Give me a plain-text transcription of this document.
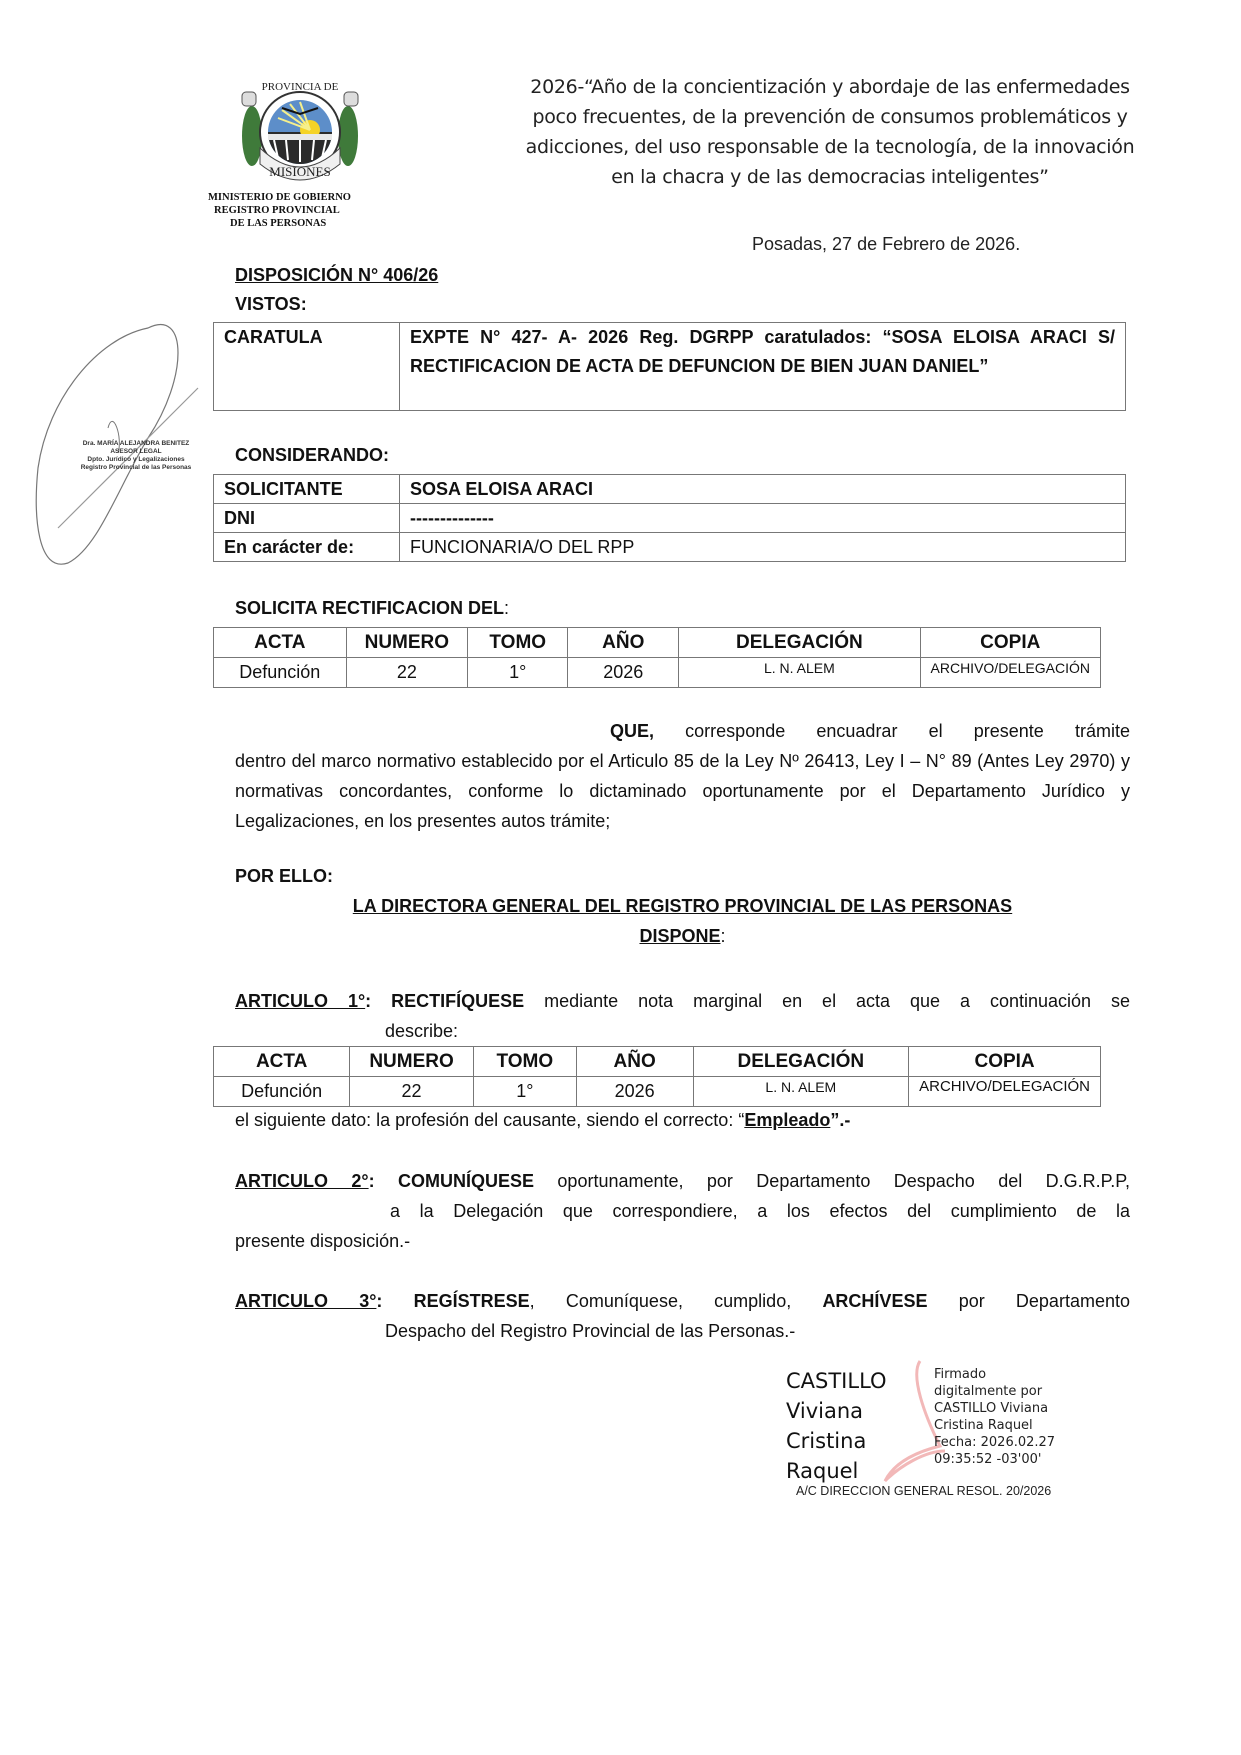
MISIONES
PROVINCIA DE
MINISTERIO DE GOBIERNO
REGISTRO PROVINCIAL
DE LAS PERSONAS
2026-“Año de la concientización y abordaje de las enfermedades
poco frecuentes, de la prevención de consumos problemáticos y
adicciones, del uso responsable de la tecnología, de la innovación
en la chacra y de las democracias inteligentes”
Posadas, 27 de Febrero de 2026.
Dra. MARÍA ALEJANDRA BENITEZ
ASESOR LEGAL
Dpto. Jurídico y Legalizaciones
Registro Provincial de las Personas
DISPOSICIÓN N° 406/26
VISTOS:
CARATULA	EXPTE N° 427- A- 2026 Reg. DGRPP caratulados: “SOSA ELOISA ARACI S/ RECTIFICACION DE ACTA DE DEFUNCION DE BIEN JUAN DANIEL”
CONSIDERANDO:
SOLICITANTE	SOSA ELOISA ARACI
DNI	--------------
En carácter de:	FUNCIONARIA/O DEL RPP
SOLICITA RECTIFICACION DEL:
ACTA	NUMERO	TOMO	AÑO	DELEGACIÓN	COPIA
Defunción	22	1°	2026	L. N. ALEM	ARCHIVO/DELEGACIÓN
QUE, corresponde encuadrar el presente trámite
dentro del marco normativo establecido por el Articulo 85 de la Ley Nº 26413, Ley I – N° 89 (Antes Ley 2970) y normativas concordantes, conforme lo dictaminado oportunamente por el Departamento Jurídico y Legalizaciones, en los presentes autos trámite;
POR ELLO:
LA DIRECTORA GENERAL DEL REGISTRO PROVINCIAL DE LAS PERSONAS
DISPONE:
ARTICULO 1°: RECTIFÍQUESE mediante nota marginal en el acta que a continuación se
describe:
ACTA	NUMERO	TOMO	AÑO	DELEGACIÓN	COPIA
Defunción	22	1°	2026	L. N. ALEM	ARCHIVO/DELEGACIÓN
el siguiente dato: la profesión del causante, siendo el correcto: “Empleado”.-
ARTICULO 2°: COMUNÍQUESE oportunamente, por Departamento Despacho del D.G.R.P.P,
a la Delegación que correspondiere, a los efectos del cumplimiento de la
presente disposición.-
ARTICULO 3°: REGÍSTRESE, Comuníquese, cumplido, ARCHÍVESE por Departamento
Despacho del Registro Provincial de las Personas.-
CASTILLO
Viviana
Cristina
Raquel
Firmado
digitalmente por
CASTILLO Viviana
Cristina Raquel
Fecha: 2026.02.27
09:35:52 -03'00'
A/C DIRECCION GENERAL RESOL. 20/2026
